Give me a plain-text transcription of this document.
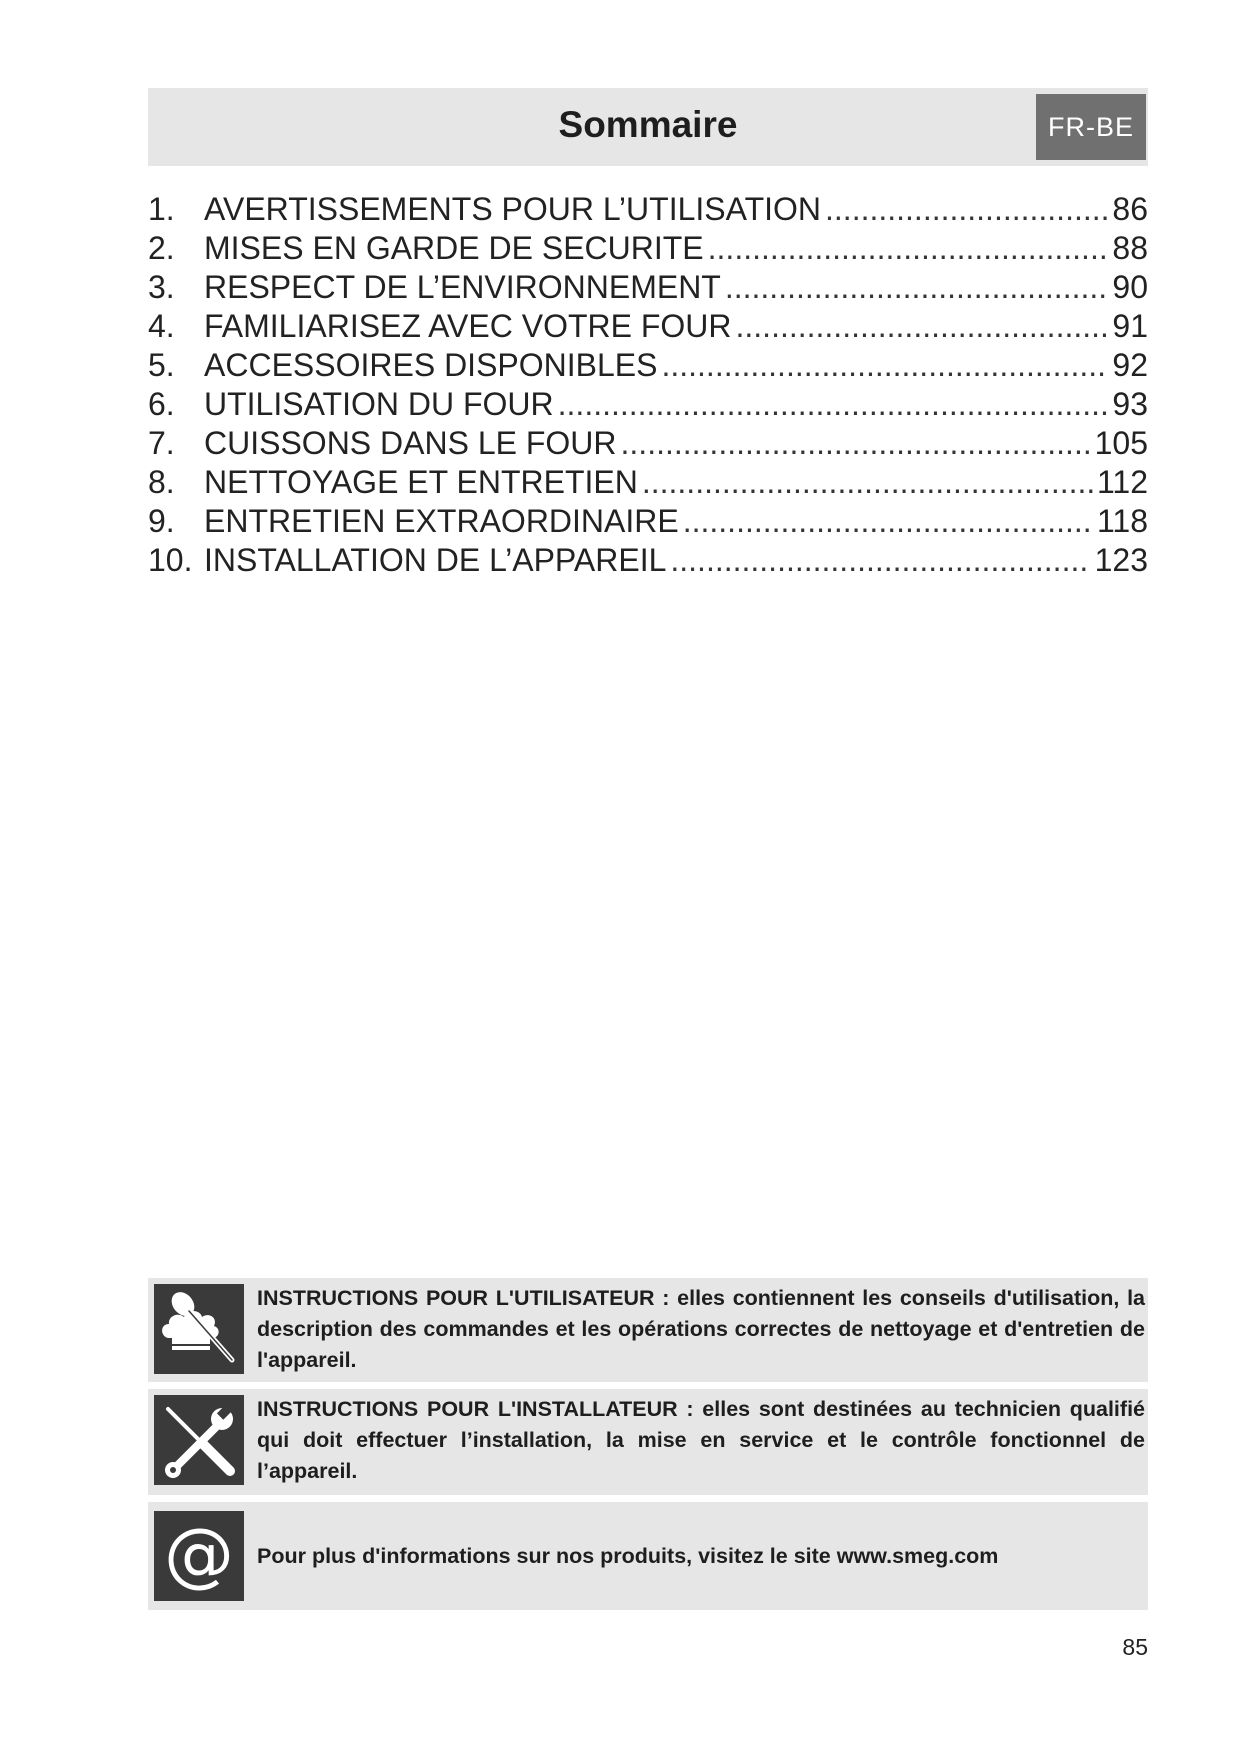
Sommaire	FR-BE
1. AVERTISSEMENTS POUR L’UTILISATION .....	86
2. MISES EN GARDE DE SECURITE .....	88
3. RESPECT DE L’ENVIRONNEMENT .....	90
4. FAMILIARISEZ AVEC VOTRE FOUR .....	91
5. ACCESSOIRES DISPONIBLES .....	92
6. UTILISATION DU FOUR .....	93
7. CUISSONS DANS LE FOUR .....	105
8. NETTOYAGE ET ENTRETIEN .....	112
9. ENTRETIEN EXTRAORDINAIRE .....	118
10. INSTALLATION DE L’APPAREIL .....	123
INSTRUCTIONS POUR L'UTILISATEUR : elles contiennent les conseils d'utilisation, la description des commandes et les opérations correctes de nettoyage et d'entretien de l'appareil.
INSTRUCTIONS POUR L'INSTALLATEUR : elles sont destinées au technicien qualifié qui doit effectuer l’installation, la mise en service et le contrôle fonctionnel de l’appareil.
@ Pour plus d'informations sur nos produits, visitez le site www.smeg.com
85
